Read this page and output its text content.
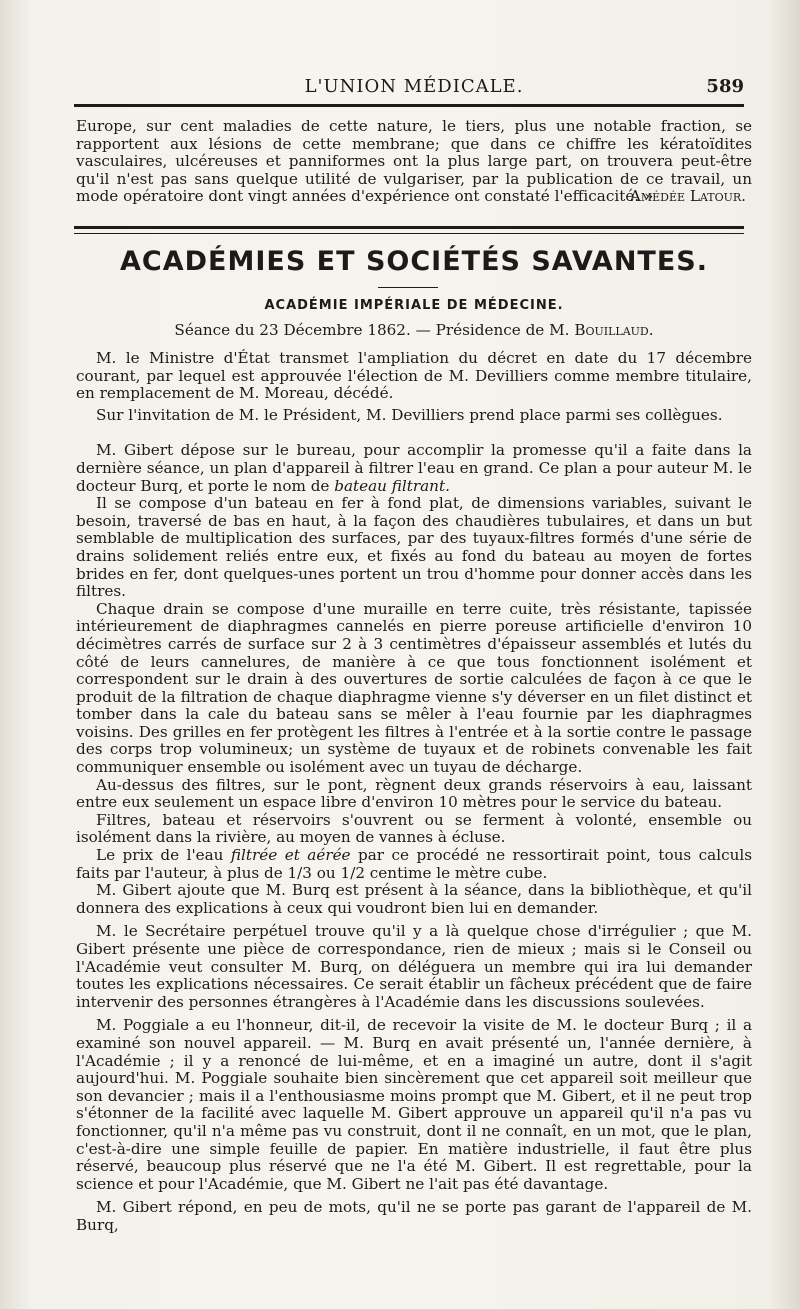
L'UNION MÉDICALE.	589

Europe, sur cent maladies de cette nature, le tiers, plus une notable fraction, se rapportent aux lésions de cette membrane; que dans ce chiffre les kératoïdites vasculaires, ulcéreuses et panniformes ont la plus large part, on trouvera peut-être qu'il n'est pas sans quelque utilité de vulgariser, par la publication de ce travail, un mode opératoire dont vingt années d'expérience ont constaté l'efficacité. »

Amédée Latour.
ACADÉMIES ET SOCIÉTÉS SAVANTES.
ACADÉMIE IMPÉRIALE DE MÉDECINE.
Séance du 23 Décembre 1862. — Présidence de M. Bouillaud.

M. le Ministre d'État transmet l'ampliation du décret en date du 17 décembre courant, par lequel est approuvée l'élection de M. Devilliers comme membre titulaire, en remplacement de M. Moreau, décédé.

Sur l'invitation de M. le Président, M. Devilliers prend place parmi ses collègues.

M. Gibert dépose sur le bureau, pour accomplir la promesse qu'il a faite dans la dernière séance, un plan d'appareil à filtrer l'eau en grand. Ce plan a pour auteur M. le docteur Burq, et porte le nom de bateau filtrant.

Il se compose d'un bateau en fer à fond plat, de dimensions variables, suivant le besoin, traversé de bas en haut, à la façon des chaudières tubulaires, et dans un but semblable de multiplication des surfaces, par des tuyaux-filtres formés d'une série de drains solidement reliés entre eux, et fixés au fond du bateau au moyen de fortes brides en fer, dont quelques-unes portent un trou d'homme pour donner accès dans les filtres.

Chaque drain se compose d'une muraille en terre cuite, très résistante, tapissée intérieurement de diaphragmes cannelés en pierre poreuse artificielle d'environ 10 décimètres carrés de surface sur 2 à 3 centimètres d'épaisseur assemblés et lutés du côté de leurs cannelures, de manière à ce que tous fonctionnent isolément et correspondent sur le drain à des ouvertures de sortie calculées de façon à ce que le produit de la filtration de chaque diaphragme vienne s'y déverser en un filet distinct et tomber dans la cale du bateau sans se mêler à l'eau fournie par les diaphragmes voisins. Des grilles en fer protègent les filtres à l'entrée et à la sortie contre le passage des corps trop volumineux; un système de tuyaux et de robinets convenable les fait communiquer ensemble ou isolément avec un tuyau de décharge.

Au-dessus des filtres, sur le pont, règnent deux grands réservoirs à eau, laissant entre eux seulement un espace libre d'environ 10 mètres pour le service du bateau.

Filtres, bateau et réservoirs s'ouvrent ou se ferment à volonté, ensemble ou isolément dans la rivière, au moyen de vannes à écluse.

Le prix de l'eau filtrée et aérée par ce procédé ne ressortirait point, tous calculs faits par l'auteur, à plus de 1/3 ou 1/2 centime le mètre cube.

M. Gibert ajoute que M. Burq est présent à la séance, dans la bibliothèque, et qu'il donnera des explications à ceux qui voudront bien lui en demander.

M. le Secrétaire perpétuel trouve qu'il y a là quelque chose d'irrégulier ; que M. Gibert présente une pièce de correspondance, rien de mieux ; mais si le Conseil ou l'Académie veut consulter M. Burq, on déléguera un membre qui ira lui demander toutes les explications nécessaires. Ce serait établir un fâcheux précédent que de faire intervenir des personnes étrangères à l'Académie dans les discussions soulevées.

M. Poggiale a eu l'honneur, dit-il, de recevoir la visite de M. le docteur Burq ; il a examiné son nouvel appareil. — M. Burq en avait présenté un, l'année dernière, à l'Académie ; il y a renoncé de lui-même, et en a imaginé un autre, dont il s'agit aujourd'hui. M. Poggiale souhaite bien sincèrement que cet appareil soit meilleur que son devancier ; mais il a l'enthousiasme moins prompt que M. Gibert, et il ne peut trop s'étonner de la facilité avec laquelle M. Gibert approuve un appareil qu'il n'a pas vu fonctionner, qu'il n'a même pas vu construit, dont il ne connaît, en un mot, que le plan, c'est-à-dire une simple feuille de papier. En matière industrielle, il faut être plus réservé, beaucoup plus réservé que ne l'a été M. Gibert. Il est regrettable, pour la science et pour l'Académie, que M. Gibert ne l'ait pas été davantage.

M. Gibert répond, en peu de mots, qu'il ne se porte pas garant de l'appareil de M. Burq,
